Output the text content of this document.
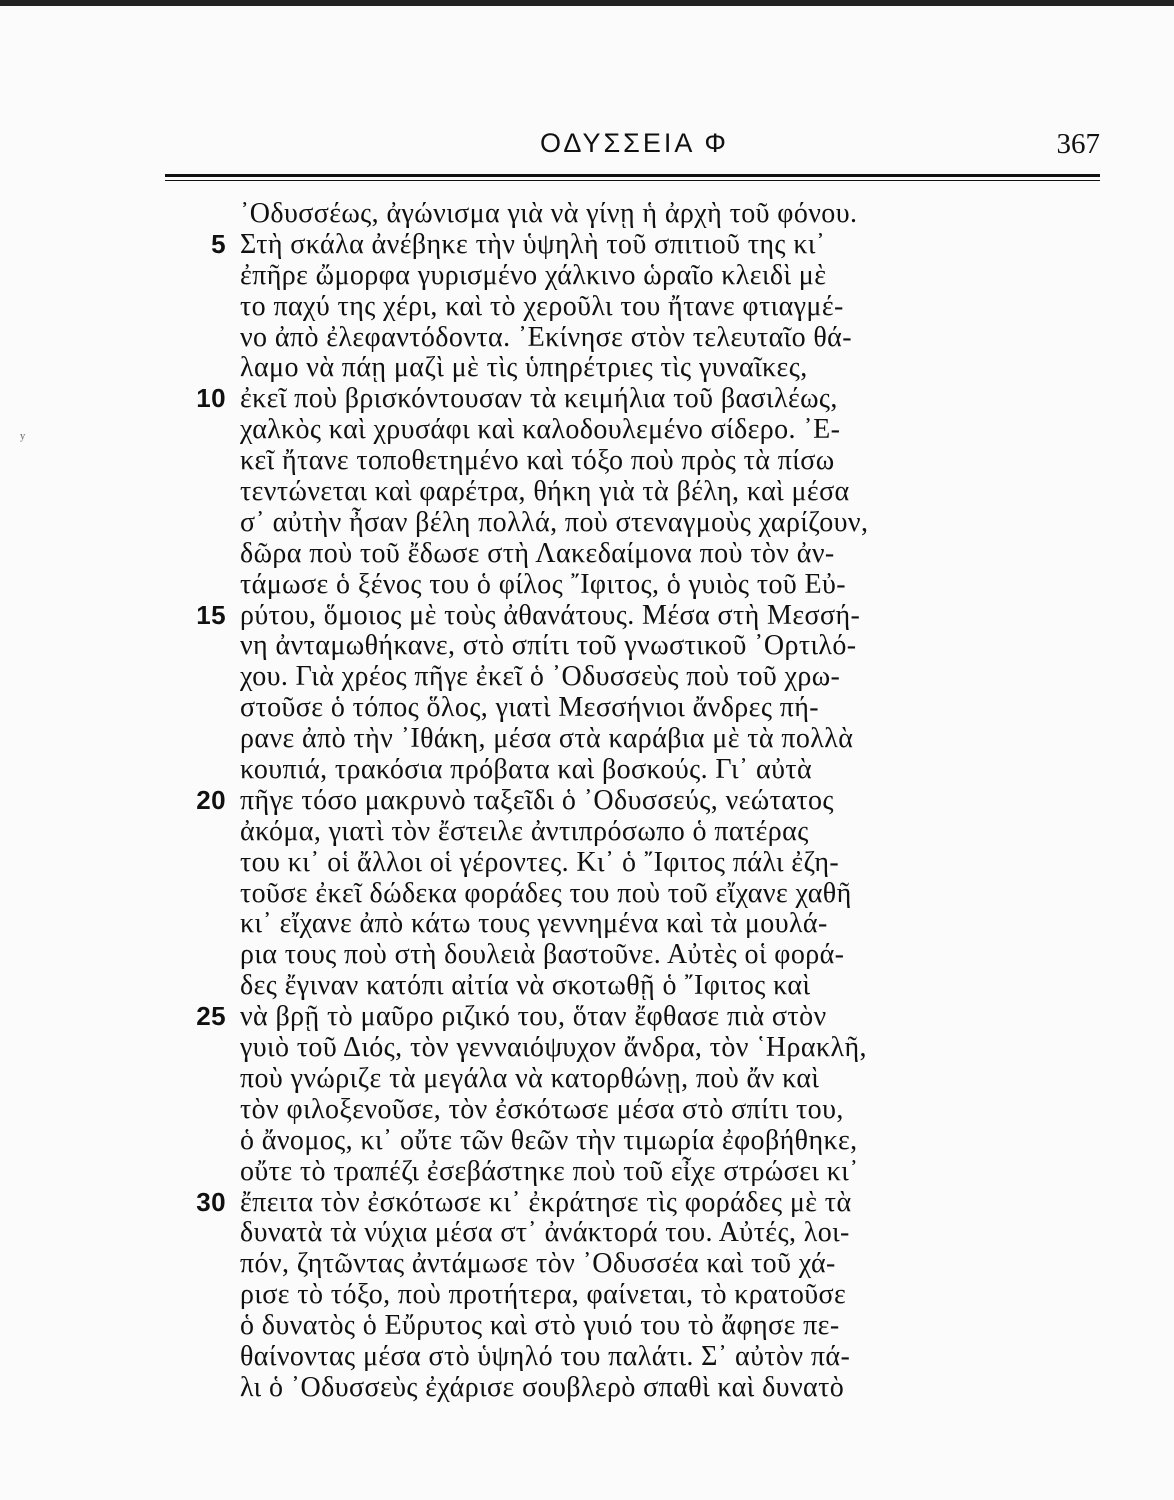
ΟΔΥΣΣΕΙΑ Φ	367
ʸ
᾿Οδυσσέως, ἀγώνισμα γιὰ νὰ γίνῃ ἡ ἀρχὴ τοῦ φόνου.
5 Στὴ σκάλα ἀνέβηκε τὴν ὑψηλὴ τοῦ σπιτιοῦ της κι᾿
ἐπῆρε ὤμορφα γυρισμένο χάλκινο ὡραῖο κλειδὶ μὲ
το παχύ της χέρι, καὶ τὸ χεροῦλι του ἤτανε φτιαγμέ-
νο ἀπὸ ἐλεφαντόδοντα. ᾿Εκίνησε στὸν τελευταῖο θά-
λαμο νὰ πάῃ μαζὶ μὲ τὶς ὑπηρέτριες τὶς γυναῖκες,
10 ἐκεῖ ποὺ βρισκόντουσαν τὰ κειμήλια τοῦ βασιλέως,
χαλκὸς καὶ χρυσάφι καὶ καλοδουλεμένο σίδερο. ᾿Ε-
κεῖ ἤτανε τοποθετημένο καὶ τόξο ποὺ πρὸς τὰ πίσω
τεντώνεται καὶ φαρέτρα, θήκη γιὰ τὰ βέλη, καὶ μέσα
σ᾿ αὐτὴν ἦσαν βέλη πολλά, ποὺ στεναγμοὺς χαρίζουν,
δῶρα ποὺ τοῦ ἔδωσε στὴ Λακεδαίμονα ποὺ τὸν ἀν-
τάμωσε ὁ ξένος του ὁ φίλος ῎Ιφιτος, ὁ γυιὸς τοῦ Εὐ-
15 ρύτου, ὅμοιος μὲ τοὺς ἀθανάτους. Μέσα στὴ Μεσσή-
νη ἀνταμωθήκανε, στὸ σπίτι τοῦ γνωστικοῦ ᾿Ορτιλό-
χου. Γιὰ χρέος πῆγε ἐκεῖ ὁ ᾿Οδυσσεὺς ποὺ τοῦ χρω-
στοῦσε ὁ τόπος ὅλος, γιατὶ Μεσσήνιοι ἄνδρες πή-
ρανε ἀπὸ τὴν ᾿Ιθάκη, μέσα στὰ καράβια μὲ τὰ πολλὰ
κουπιά, τρακόσια πρόβατα καὶ βοσκούς. Γι᾿ αὐτὰ
20 πῆγε τόσο μακρυνὸ ταξεῖδι ὁ ᾿Οδυσσεύς, νεώτατος
ἀκόμα, γιατὶ τὸν ἔστειλε ἀντιπρόσωπο ὁ πατέρας
του κι᾿ οἱ ἄλλοι οἱ γέροντες. Κι᾿ ὁ ῎Ιφιτος πάλι ἐζη-
τοῦσε ἐκεῖ δώδεκα φοράδες του ποὺ τοῦ εἴχανε χαθῆ
κι᾿ εἴχανε ἀπὸ κάτω τους γεννημένα καὶ τὰ μουλά-
ρια τους ποὺ στὴ δουλειὰ βαστοῦνε. Αὐτὲς οἱ φορά-
δες ἔγιναν κατόπι αἰτία νὰ σκοτωθῇ ὁ ῎Ιφιτος καὶ
25 νὰ βρῇ τὸ μαῦρο ριζικό του, ὅταν ἔφθασε πιὰ στὸν
γυιὸ τοῦ Διός, τὸν γενναιόψυχον ἄνδρα, τὸν ῾Ηρακλῆ,
ποὺ γνώριζε τὰ μεγάλα νὰ κατορθώνῃ, ποὺ ἄν καὶ
τὸν φιλοξενοῦσε, τὸν ἐσκότωσε μέσα στὸ σπίτι του,
ὁ ἄνομος, κι᾿ οὔτε τῶν θεῶν τὴν τιμωρία ἐφοβήθηκε,
οὔτε τὸ τραπέζι ἐσεβάστηκε ποὺ τοῦ εἶχε στρώσει κι᾿
30 ἔπειτα τὸν ἐσκότωσε κι᾿ ἐκράτησε τὶς φοράδες μὲ τὰ
δυνατὰ τὰ νύχια μέσα στ᾿ ἀνάκτορά του. Αὐτές, λοι-
πόν, ζητῶντας ἀντάμωσε τὸν ᾿Οδυσσέα καὶ τοῦ χά-
ρισε τὸ τόξο, ποὺ προτήτερα, φαίνεται, τὸ κρατοῦσε
ὁ δυνατὸς ὁ Εὔρυτος καὶ στὸ γυιό του τὸ ἄφησε πε-
θαίνοντας μέσα στὸ ὑψηλό του παλάτι. Σ᾿ αὐτὸν πά-
λι ὁ ᾿Οδυσσεὺς ἐχάρισε σουβλερὸ σπαθὶ καὶ δυνατὸ
